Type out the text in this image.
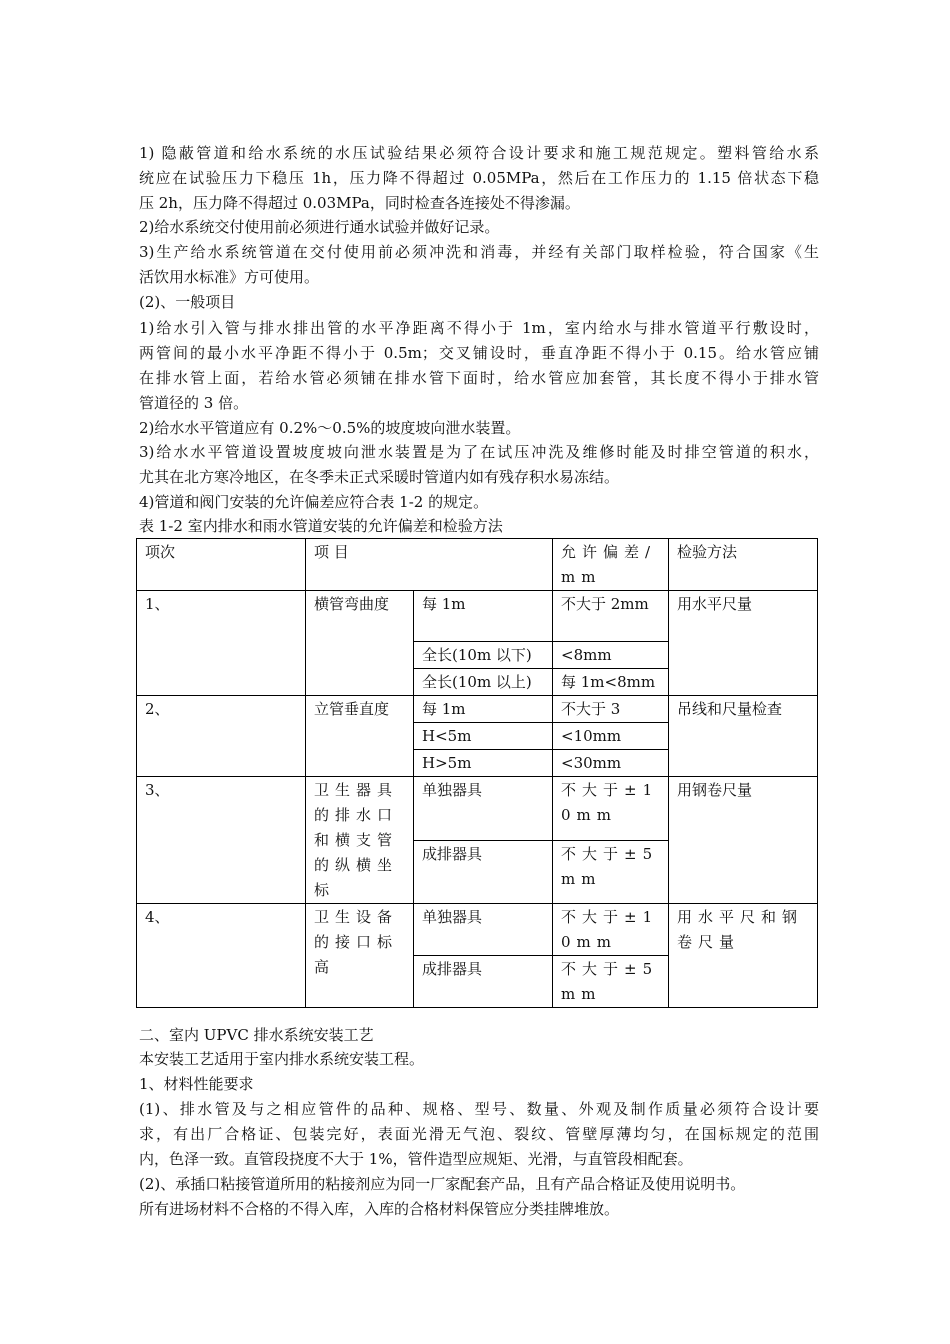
1) 隐蔽管道和给水系统的水压试验结果必须符合设计要求和施工规范规定。塑料管给水系
统应在试验压力下稳压 1h，压力降不得超过 0.05MPa，然后在工作压力的 1.15 倍状态下稳
压 2h，压力降不得超过 0.03MPa，同时检查各连接处不得渗漏。
2)给水系统交付使用前必须进行通水试验并做好记录。
3)生产给水系统管道在交付使用前必须冲洗和消毒，并经有关部门取样检验，符合国家《生
活饮用水标准》方可使用。
(2)、一般项目
1)给水引入管与排水排出管的水平净距离不得小于 1m，室内给水与排水管道平行敷设时，
两管间的最小水平净距不得小于 0.5m；交叉铺设时，垂直净距不得小于 0.15。给水管应铺
在排水管上面，若给水管必须铺在排水管下面时，给水管应加套管，其长度不得小于排水管
管道径的 3 倍。
2)给水水平管道应有 0.2%～0.5%的坡度坡向泄水装置。
3)给水水平管道设置坡度坡向泄水装置是为了在试压冲洗及维修时能及时排空管道的积水，
尤其在北方寒冷地区，在冬季未正式采暖时管道内如有残存积水易冻结。
4)管道和阀门安装的允许偏差应符合表 1-2 的规定。
表 1-2 室内排水和雨水管道安装的允许偏差和检验方法
项次	项 目		允许偏差/mm	检验方法
1、	横管弯曲度	每 1m	不大于 2mm	用水平尺量
		全长(10m 以下)	<8mm	
		全长(10m 以上)	每 1m<8mm	
2、	立管垂直度	每 1m	不大于 3	吊线和尺量检查
		H<5m	<10mm	
		H>5m	<30mm	
3、	卫生器具的排水口和横支管的纵横坐标	单独器具	不大于±10mm	用钢卷尺量
		成排器具	不大于±5mm	
4、	卫生设备的接口标高	单独器具	不大于±10mm	用水平尺和钢卷尺量
		成排器具	不大于±5mm	
二、室内 UPVC 排水系统安装工艺
本安装工艺适用于室内排水系统安装工程。
1、材料性能要求
(1)、排水管及与之相应管件的品种、规格、型号、数量、外观及制作质量必须符合设计要
求，有出厂合格证、包装完好，表面光滑无气泡、裂纹、管壁厚薄均匀，在国标规定的范围
内，色泽一致。直管段挠度不大于 1%，管件造型应规矩、光滑，与直管段相配套。
(2)、承插口粘接管道所用的粘接剂应为同一厂家配套产品，且有产品合格证及使用说明书。
所有进场材料不合格的不得入库，入库的合格材料保管应分类挂牌堆放。
